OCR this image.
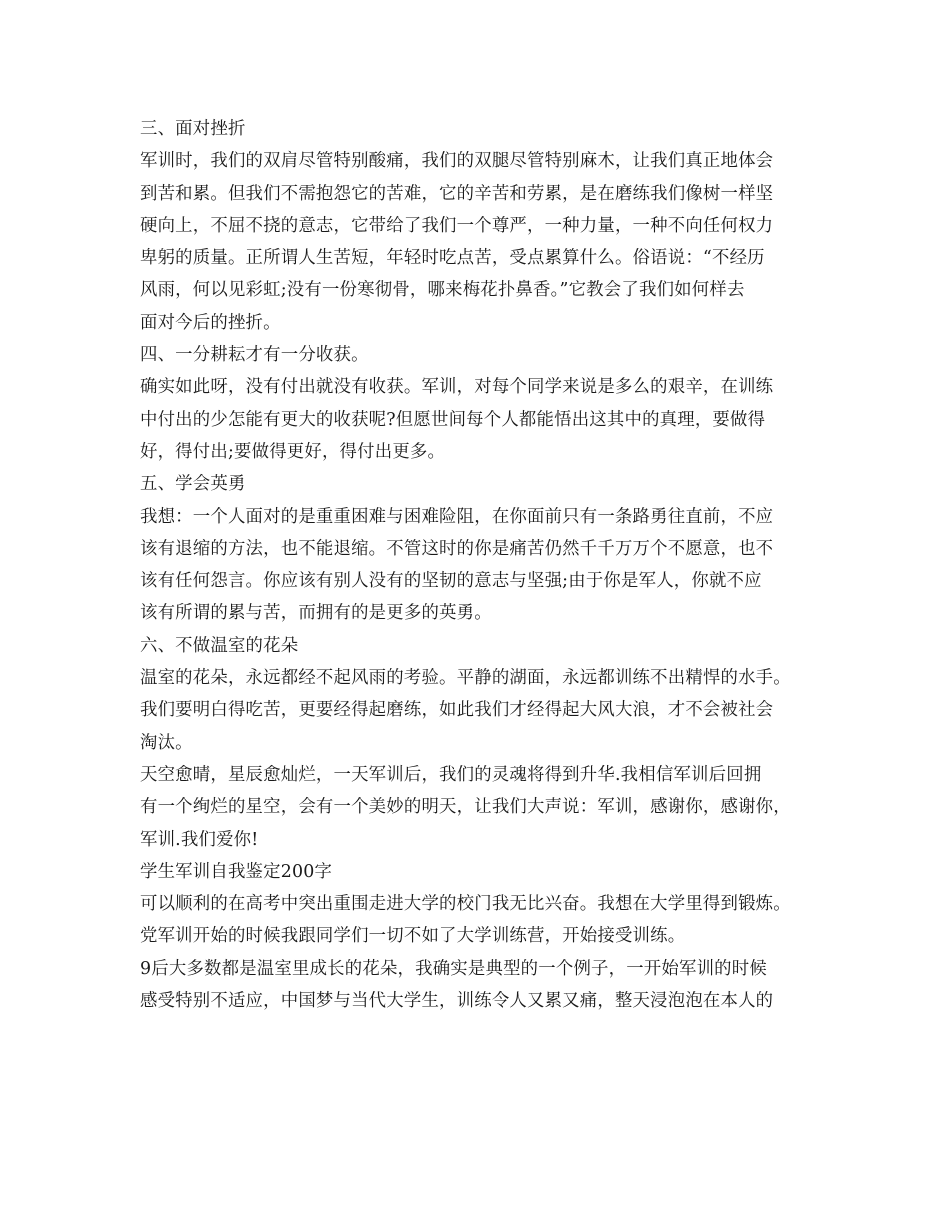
三、面对挫折
军训时，我们的双肩尽管特别酸痛，我们的双腿尽管特别麻木，让我们真正地体会
到苦和累。但我们不需抱怨它的苦难，它的辛苦和劳累，是在磨练我们像树一样坚
硬向上，不屈不挠的意志，它带给了我们一个尊严，一种力量，一种不向任何权力
卑躬的质量。正所谓人生苦短，年轻时吃点苦，受点累算什么。俗语说：“不经历
风雨，何以见彩虹;没有一份寒彻骨，哪来梅花扑鼻香。”它教会了我们如何样去
面对今后的挫折。
四、一分耕耘才有一分收获。
确实如此呀，没有付出就没有收获。军训，对每个同学来说是多么的艰辛，在训练
中付出的少怎能有更大的收获呢?但愿世间每个人都能悟出这其中的真理，要做得
好，得付出;要做得更好，得付出更多。
五、学会英勇
我想：一个人面对的是重重困难与困难险阻，在你面前只有一条路勇往直前，不应
该有退缩的方法，也不能退缩。不管这时的你是痛苦仍然千千万万个不愿意，也不
该有任何怨言。你应该有别人没有的坚韧的意志与坚强;由于你是军人，你就不应
该有所谓的累与苦，而拥有的是更多的英勇。
六、不做温室的花朵
温室的花朵，永远都经不起风雨的考验。平静的湖面，永远都训练不出精悍的水手。
我们要明白得吃苦，更要经得起磨练，如此我们才经得起大风大浪，才不会被社会
淘汰。
天空愈晴，星辰愈灿烂，一天军训后，我们的灵魂将得到升华.我相信军训后回拥
有一个绚烂的星空，会有一个美妙的明天，让我们大声说：军训，感谢你，感谢你，
军训.我们爱你!
学生军训自我鉴定200字
可以顺利的在高考中突出重围走进大学的校门我无比兴奋。我想在大学里得到锻炼。
党军训开始的时候我跟同学们一切不如了大学训练营，开始接受训练。
9后大多数都是温室里成长的花朵，我确实是典型的一个例子，一开始军训的时候
感受特别不适应，中国梦与当代大学生，训练令人又累又痛，整天浸泡泡在本人的
